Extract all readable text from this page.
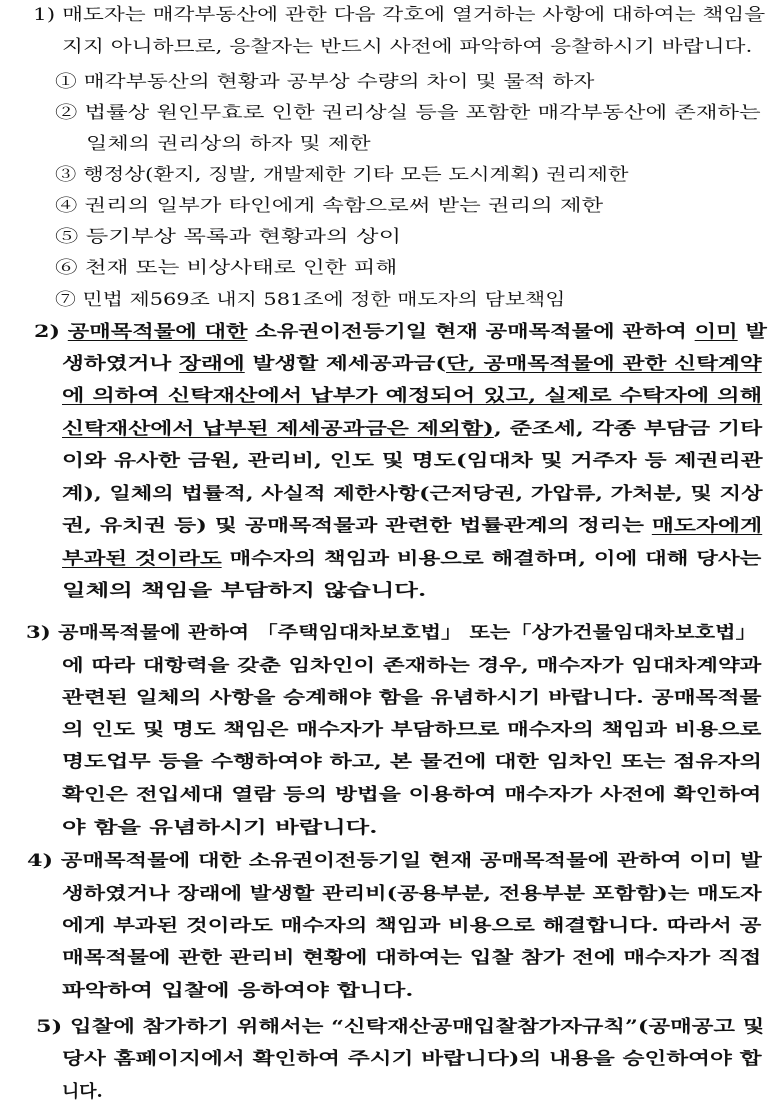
1) 매도자는 매각부동산에 관한 다음 각호에 열거하는 사항에 대하여는 책임을
지지 아니하므로, 응찰자는 반드시 사전에 파악하여 응찰하시기 바랍니다.
① 매각부동산의 현황과 공부상 수량의 차이 및 물적 하자
② 법률상 원인무효로 인한 권리상실 등을 포함한 매각부동산에 존재하는
일체의 권리상의 하자 및 제한
③ 행정상(환지, 징발, 개발제한 기타 모든 도시계획) 권리제한
④ 권리의 일부가 타인에게 속함으로써 받는 권리의 제한
⑤ 등기부상 목록과 현황과의 상이
⑥ 천재 또는 비상사태로 인한 피해
⑦ 민법 제569조 내지 581조에 정한 매도자의 담보책임
2) 공매목적물에 대한 소유권이전등기일 현재 공매목적물에 관하여 이미 발
생하였거나 장래에 발생할 제세공과금(단, 공매목적물에 관한 신탁계약
에 의하여 신탁재산에서 납부가 예정되어 있고, 실제로 수탁자에 의해
신탁재산에서 납부된 제세공과금은 제외함), 준조세, 각종 부담금 기타
이와 유사한 금원, 관리비, 인도 및 명도(임대차 및 거주자 등 제권리관
계), 일체의 법률적, 사실적 제한사항(근저당권, 가압류, 가처분, 및 지상
권, 유치권 등) 및 공매목적물과 관련한 법률관계의 정리는 매도자에게
부과된 것이라도 매수자의 책임과 비용으로 해결하며, 이에 대해 당사는
일체의 책임을 부담하지 않습니다.
3) 공매목적물에 관하여 「주택임대차보호법」 또는「상가건물임대차보호법」
에 따라 대항력을 갖춘 임차인이 존재하는 경우, 매수자가 임대차계약과
관련된 일체의 사항을 승계해야 함을 유념하시기 바랍니다. 공매목적물
의 인도 및 명도 책임은 매수자가 부담하므로 매수자의 책임과 비용으로
명도업무 등을 수행하여야 하고, 본 물건에 대한 임차인 또는 점유자의
확인은 전입세대 열람 등의 방법을 이용하여 매수자가 사전에 확인하여
야 함을 유념하시기 바랍니다.
4) 공매목적물에 대한 소유권이전등기일 현재 공매목적물에 관하여 이미 발
생하였거나 장래에 발생할 관리비(공용부분, 전용부분 포함함)는 매도자
에게 부과된 것이라도 매수자의 책임과 비용으로 해결합니다. 따라서 공
매목적물에 관한 관리비 현황에 대하여는 입찰 참가 전에 매수자가 직접
파악하여 입찰에 응하여야 합니다.
5) 입찰에 참가하기 위해서는 “신탁재산공매입찰참가자규칙”(공매공고 및
당사 홈페이지에서 확인하여 주시기 바랍니다)의 내용을 승인하여야 합
니다.
